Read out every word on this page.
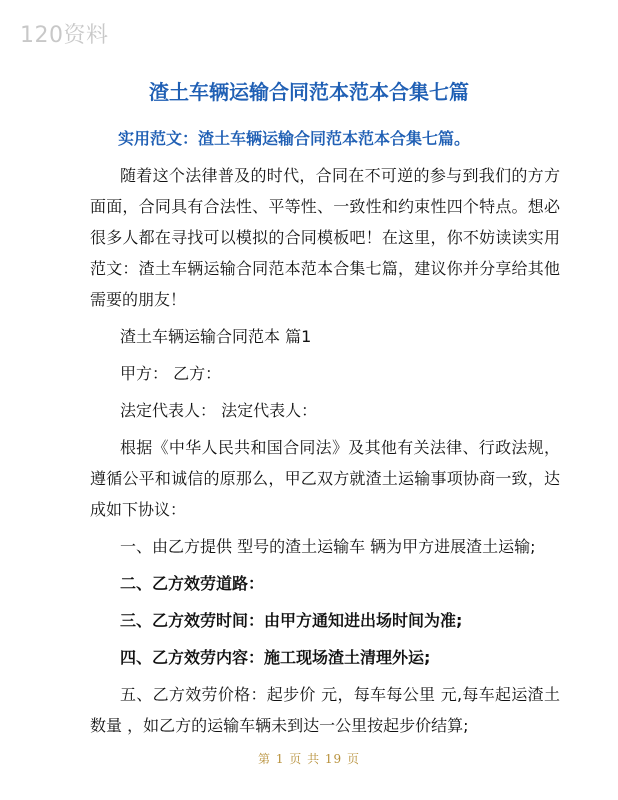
120资料
渣土车辆运输合同范本范本合集七篇
实用范文：渣土车辆运输合同范本范本合集七篇。

随着这个法律普及的时代，合同在不可逆的参与到我们的方方面面，合同具有合法性、平等性、一致性和约束性四个特点。想必很多人都在寻找可以模拟的合同模板吧！在这里，你不妨读读实用范文：渣土车辆运输合同范本范本合集七篇，建议你并分享给其他需要的朋友！

渣土车辆运输合同范本 篇1

甲方： 乙方：

法定代表人： 法定代表人：

根据《中华人民共和国合同法》及其他有关法律、行政法规，遵循公平和诚信的原那么，甲乙双方就渣土运输事项协商一致，达成如下协议：

一、由乙方提供 型号的渣土运输车 辆为甲方进展渣土运输;

二、乙方效劳道路：

三、乙方效劳时间：由甲方通知进出场时间为准;

四、乙方效劳内容：施工现场渣土清理外运;

五、乙方效劳价格：起步价 元，每车每公里 元,每车起运渣土数量 ，如乙方的运输车辆未到达一公里按起步价结算;

第 1 页 共 19 页
